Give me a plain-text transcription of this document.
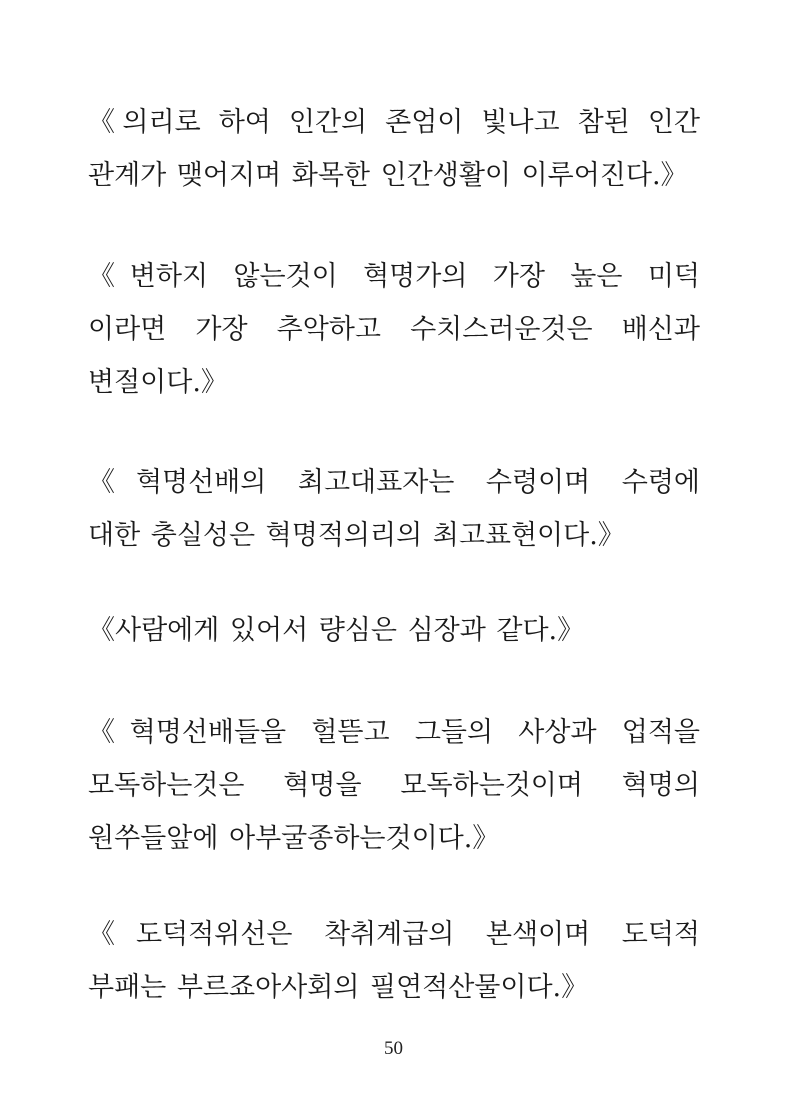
《의리로 하여 인간의 존엄이 빛나고 참된 인간
관계가 맺어지며 화목한 인간생활이 이루어진다.》

《변하지 않는것이 혁명가의 가장 높은 미덕
이라면 가장 추악하고 수치스러운것은 배신과
변절이다.》

《혁명선배의 최고대표자는 수령이며 수령에
대한 충실성은 혁명적의리의 최고표현이다.》

《사람에게 있어서 량심은 심장과 같다.》

《혁명선배들을 헐뜯고 그들의 사상과 업적을
모독하는것은 혁명을 모독하는것이며 혁명의
원쑤들앞에 아부굴종하는것이다.》

《도덕적위선은 착취계급의 본색이며 도덕적
부패는 부르죠아사회의 필연적산물이다.》

50
